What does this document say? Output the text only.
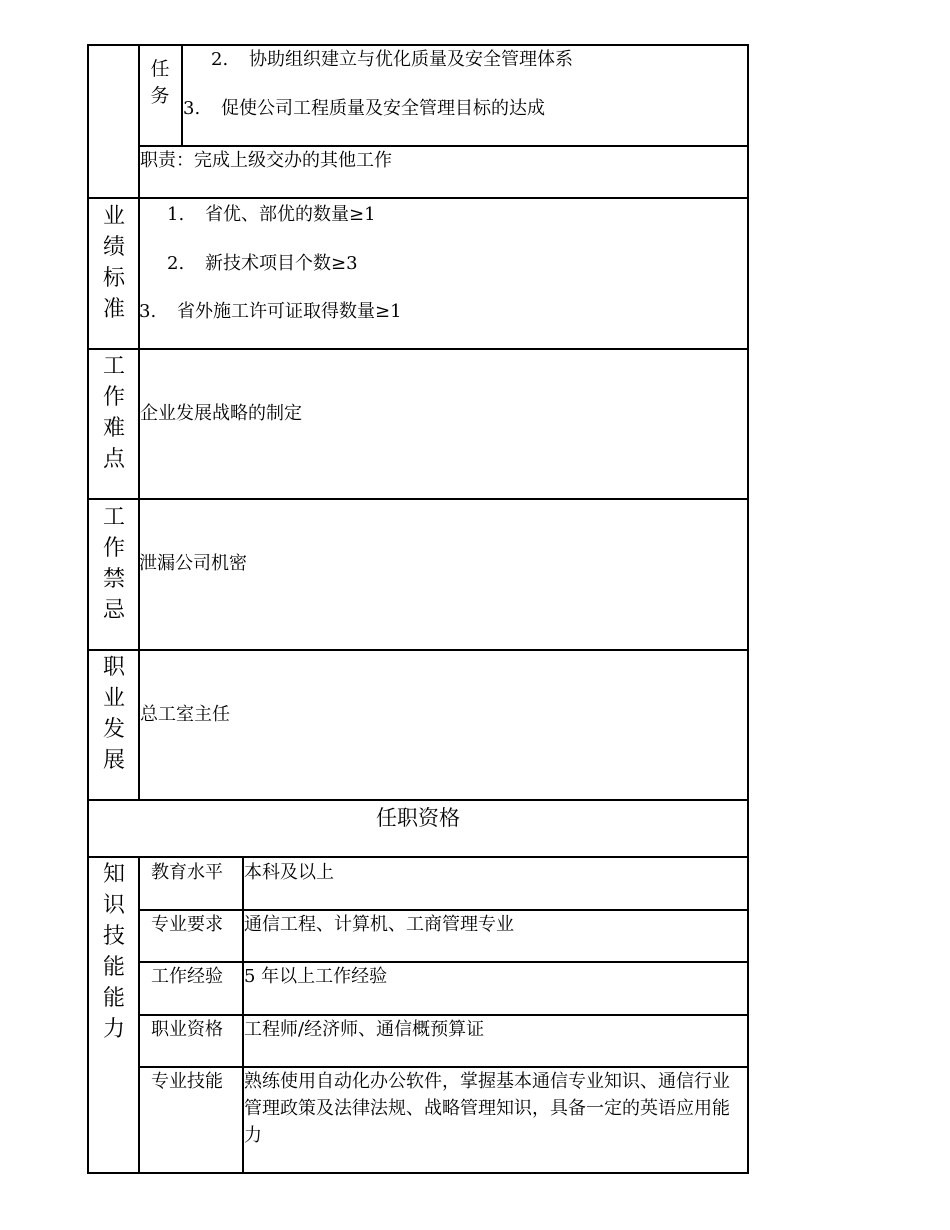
任
务
2. 协助组织建立与优化质量及安全管理体系
3. 促使公司工程质量及安全管理目标的达成
职责：完成上级交办的其他工作
业
绩
标
准
1. 省优、部优的数量≥1
2. 新技术项目个数≥3
3. 省外施工许可证取得数量≥1
工
作
难
点
企业发展战略的制定
工
作
禁
忌
泄漏公司机密
职
业
发
展
总工室主任
任职资格
知
识
技
能
能
力
教育水平 本科及以上
专业要求 通信工程、计算机、工商管理专业
工作经验 5 年以上工作经验
职业资格 工程师/经济师、通信概预算证
专业技能 熟练使用自动化办公软件，掌握基本通信专业知识、通信行业管理政策及法律法规、战略管理知识，具备一定的英语应用能力
